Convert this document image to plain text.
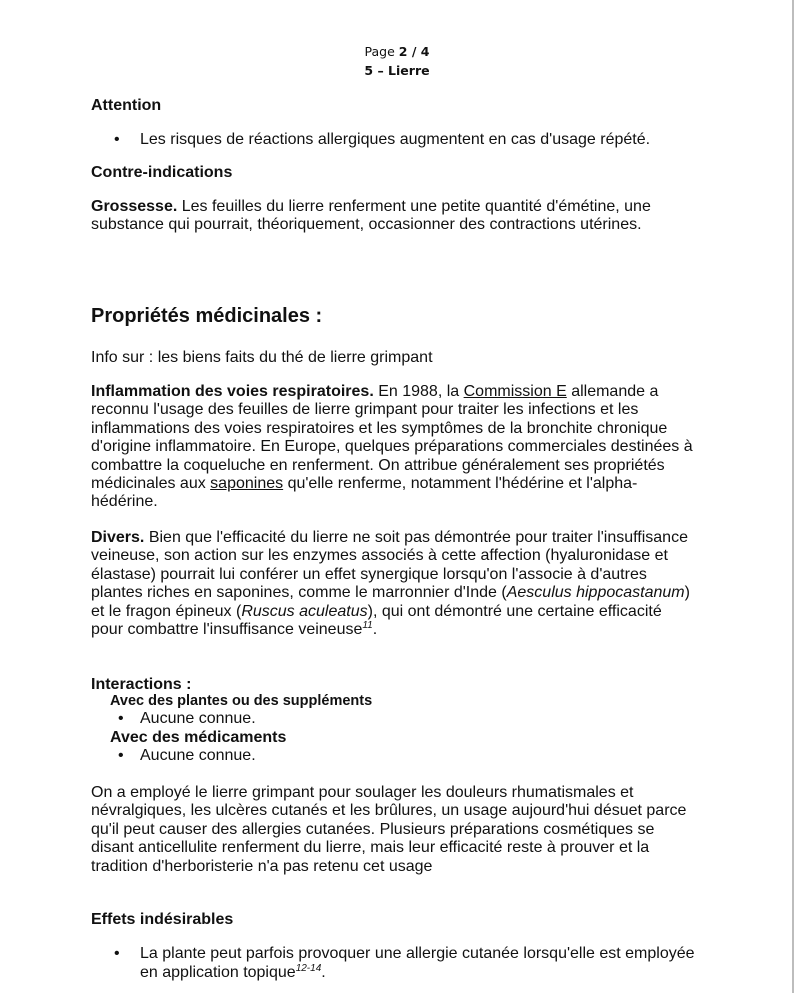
Page 2 / 4
5 – Lierre
Attention
• Les risques de réactions allergiques augmentent en cas d'usage répété.
Contre-indications
Grossesse. Les feuilles du lierre renferment une petite quantité d'émétine, une
substance qui pourrait, théoriquement, occasionner des contractions utérines.
Propriétés médicinales :
Info sur : les biens faits du thé de lierre grimpant
Inflammation des voies respiratoires. En 1988, la Commission E allemande a
reconnu l'usage des feuilles de lierre grimpant pour traiter les infections et les
inflammations des voies respiratoires et les symptômes de la bronchite chronique
d'origine inflammatoire. En Europe, quelques préparations commerciales destinées à
combattre la coqueluche en renferment. On attribue généralement ses propriétés
médicinales aux saponines qu'elle renferme, notamment l'hédérine et l'alpha-
hédérine.
Divers. Bien que l'efficacité du lierre ne soit pas démontrée pour traiter l'insuffisance
veineuse, son action sur les enzymes associés à cette affection (hyaluronidase et
élastase) pourrait lui conférer un effet synergique lorsqu'on l'associe à d'autres
plantes riches en saponines, comme le marronnier d'Inde (Aesculus hippocastanum)
et le fragon épineux (Ruscus aculeatus), qui ont démontré une certaine efficacité
pour combattre l'insuffisance veineuse$^{11}$.
Interactions :
Avec des plantes ou des suppléments
• Aucune connue.
Avec des médicaments
• Aucune connue.
On a employé le lierre grimpant pour soulager les douleurs rhumatismales et
névralgiques, les ulcères cutanés et les brûlures, un usage aujourd'hui désuet parce
qu'il peut causer des allergies cutanées. Plusieurs préparations cosmétiques se
disant anticellulite renferment du lierre, mais leur efficacité reste à prouver et la
tradition d'herboristerie n'a pas retenu cet usage
Effets indésirables
• La plante peut parfois provoquer une allergie cutanée lorsqu'elle est employée
en application topique$^{12-14}$.
